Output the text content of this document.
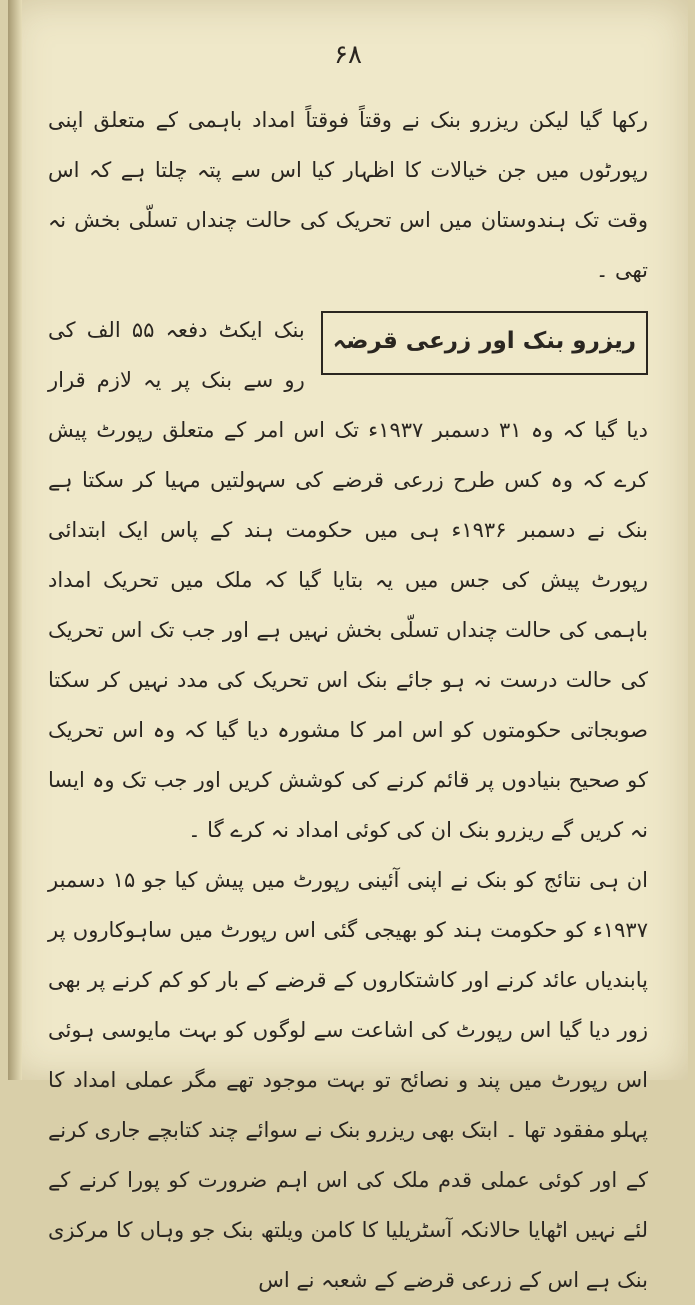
۶۸

رکھا گیا لیکن ریزرو بنک نے وقتاً فوقتاً امداد باہمی کے متعلق اپنی رپورٹوں میں جن خیالات کا اظہار کیا اس سے پتہ چلتا ہے کہ اس وقت تک ہندوستان میں اس تحریک کی حالت چنداں تسلّی بخش نہ تھی ۔

ریزرو بنک اور زرعی قرضہ

بنک ایکٹ دفعہ ۵۵ الف کی رو سے بنک پر یہ لازم قرار دیا گیا کہ وہ ۳۱ دسمبر ۱۹۳۷ء تک اس امر کے متعلق رپورٹ پیش کرے کہ وہ کس طرح زرعی قرضے کی سہولتیں مہیا کر سکتا ہے بنک نے دسمبر ۱۹۳۶ء ہی میں حکومت ہند کے پاس ایک ابتدائی رپورٹ پیش کی جس میں یہ بتایا گیا کہ ملک میں تحریک امداد باہمی کی حالت چنداں تسلّی بخش نہیں ہے اور جب تک اس تحریک کی حالت درست نہ ہو جائے بنک اس تحریک کی مدد نہیں کر سکتا صوبجاتی حکومتوں کو اس امر کا مشورہ دیا گیا کہ وہ اس تحریک کو صحیح بنیادوں پر قائم کرنے کی کوشش کریں اور جب تک وہ ایسا نہ کریں گے ریزرو بنک ان کی کوئی امداد نہ کرے گا ۔

ان ہی نتائج کو بنک نے اپنی آئینی رپورٹ میں پیش کیا جو ۱۵ دسمبر ۱۹۳۷ء کو حکومت ہند کو بھیجی گئی اس رپورٹ میں ساہوکاروں پر پابندیاں عائد کرنے اور کاشتکاروں کے قرضے کے بار کو کم کرنے پر بھی زور دیا گیا اس رپورٹ کی اشاعت سے لوگوں کو بہت مایوسی ہوئی اس رپورٹ میں پند و نصائح تو بہت موجود تھے مگر عملی امداد کا پہلو مفقود تھا ۔ ابتک بھی ریزرو بنک نے سوائے چند کتابچے جاری کرنے کے اور کوئی عملی قدم ملک کی اس اہم ضرورت کو پورا کرنے کے لئے نہیں اٹھایا حالانکہ آسٹریلیا کا کامن ویلتھ بنک جو وہاں کا مرکزی بنک ہے اس کے زرعی قرضے کے شعبہ نے اس
